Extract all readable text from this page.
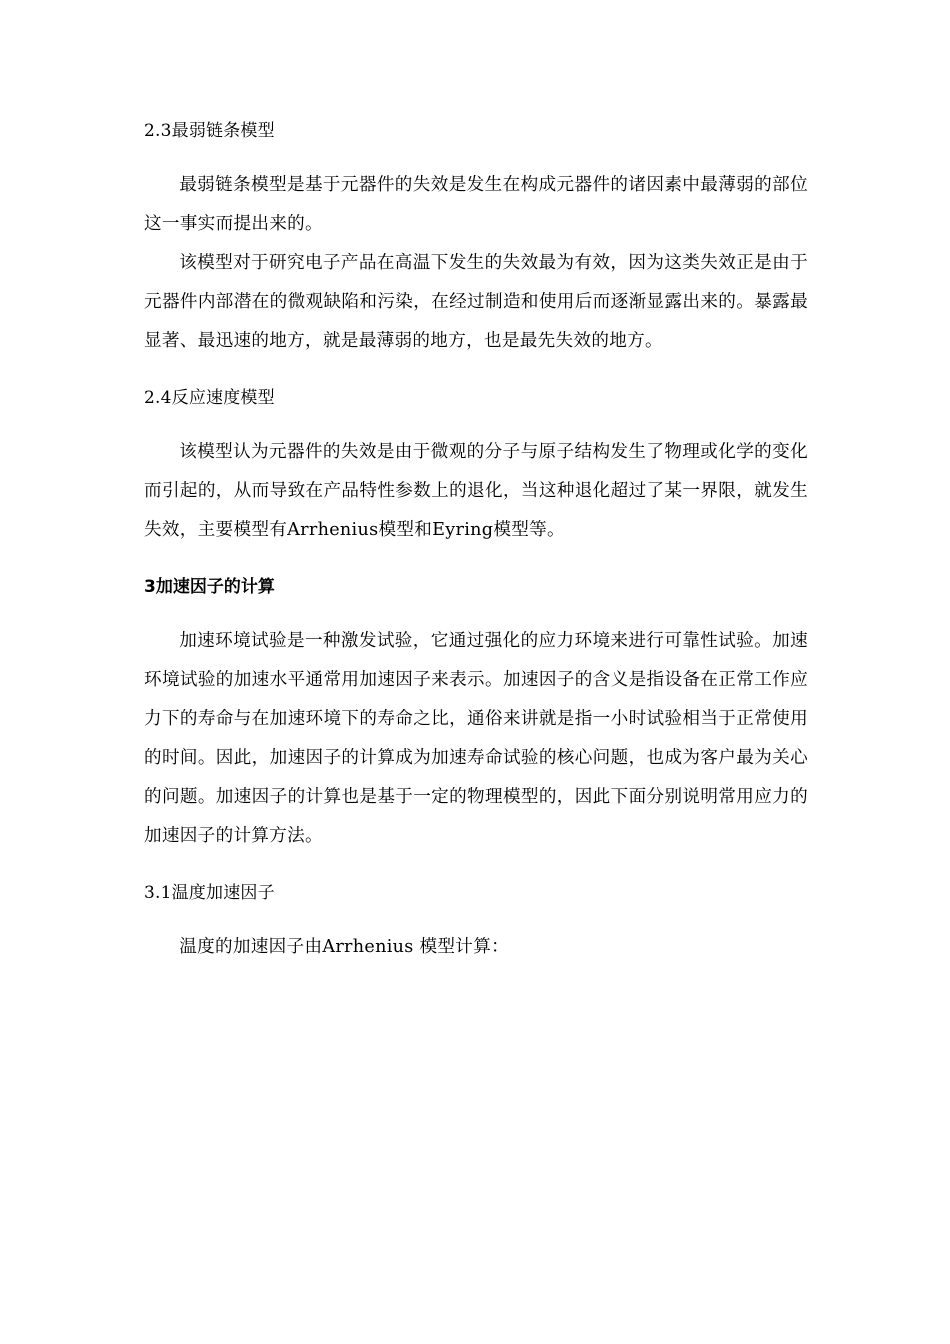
2.3最弱链条模型

最弱链条模型是基于元器件的失效是发生在构成元器件的诸因素中最薄弱的部位这一事实而提出来的。

该模型对于研究电子产品在高温下发生的失效最为有效，因为这类失效正是由于元器件内部潜在的微观缺陷和污染，在经过制造和使用后而逐渐显露出来的。暴露最显著、最迅速的地方，就是最薄弱的地方，也是最先失效的地方。

2.4反应速度模型

该模型认为元器件的失效是由于微观的分子与原子结构发生了物理或化学的变化而引起的，从而导致在产品特性参数上的退化，当这种退化超过了某一界限，就发生失效，主要模型有Arrhenius模型和Eyring模型等。

3加速因子的计算

加速环境试验是一种激发试验，它通过强化的应力环境来进行可靠性试验。加速环境试验的加速水平通常用加速因子来表示。加速因子的含义是指设备在正常工作应力下的寿命与在加速环境下的寿命之比，通俗来讲就是指一小时试验相当于正常使用的时间。因此，加速因子的计算成为加速寿命试验的核心问题，也成为客户最为关心的问题。加速因子的计算也是基于一定的物理模型的，因此下面分别说明常用应力的加速因子的计算方法。

3.1温度加速因子

温度的加速因子由Arrhenius 模型计算：
